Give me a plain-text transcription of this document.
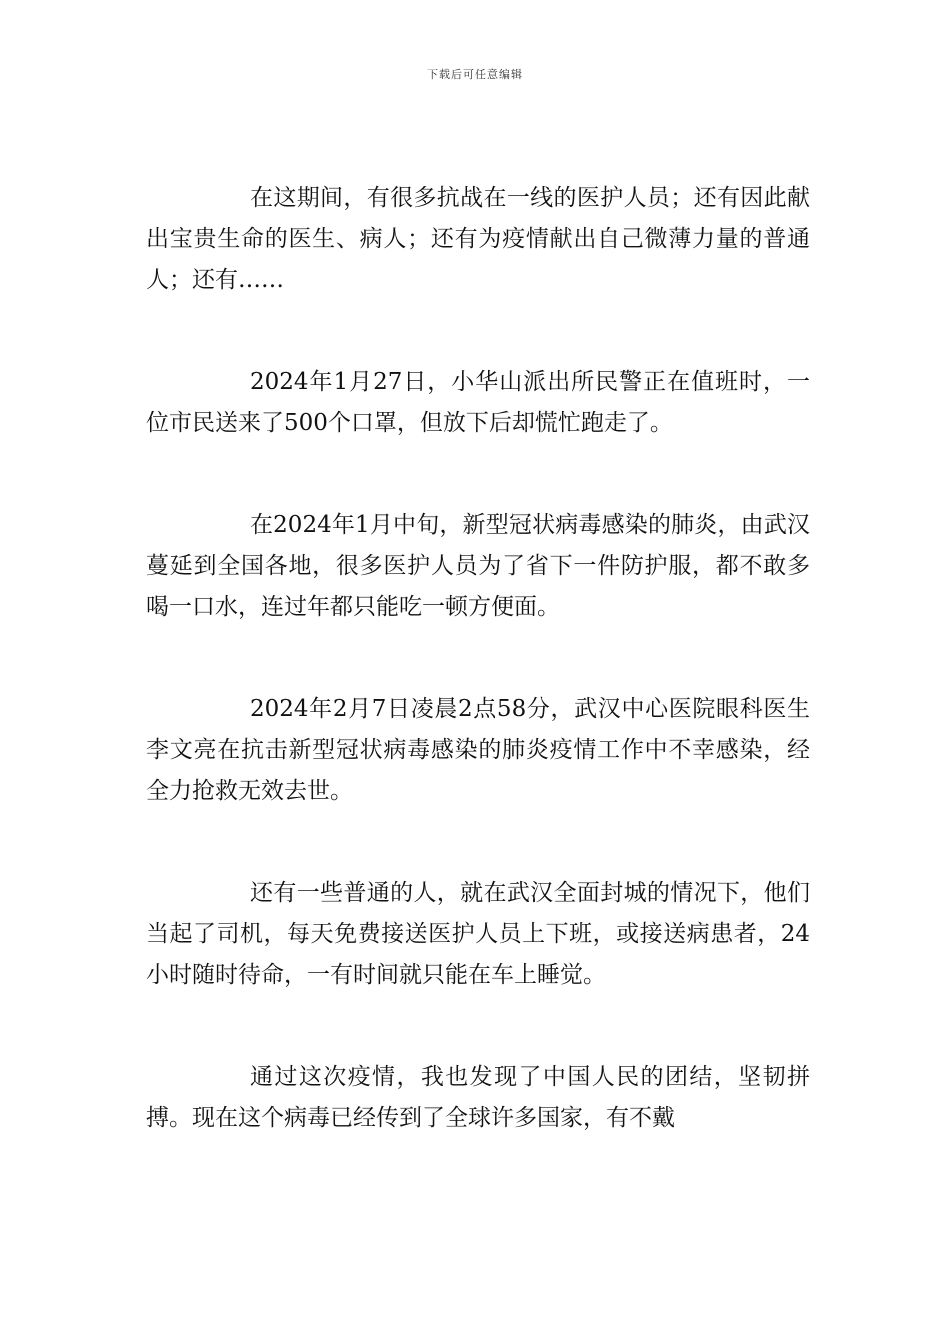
下载后可任意编辑

在这期间，有很多抗战在一线的医护人员；还有因此献出宝贵生命的医生、病人；还有为疫情献出自己微薄力量的普通人；还有……

2024年1月27日，小华山派出所民警正在值班时，一位市民送来了500个口罩，但放下后却慌忙跑走了。

在2024年1月中旬，新型冠状病毒感染的肺炎，由武汉蔓延到全国各地，很多医护人员为了省下一件防护服，都不敢多喝一口水，连过年都只能吃一顿方便面。

2024年2月7日凌晨2点58分，武汉中心医院眼科医生李文亮在抗击新型冠状病毒感染的肺炎疫情工作中不幸感染，经全力抢救无效去世。

还有一些普通的人，就在武汉全面封城的情况下，他们当起了司机，每天免费接送医护人员上下班，或接送病患者，24小时随时待命，一有时间就只能在车上睡觉。

通过这次疫情，我也发现了中国人民的团结，坚韧拼搏。现在这个病毒已经传到了全球许多国家，有不戴
